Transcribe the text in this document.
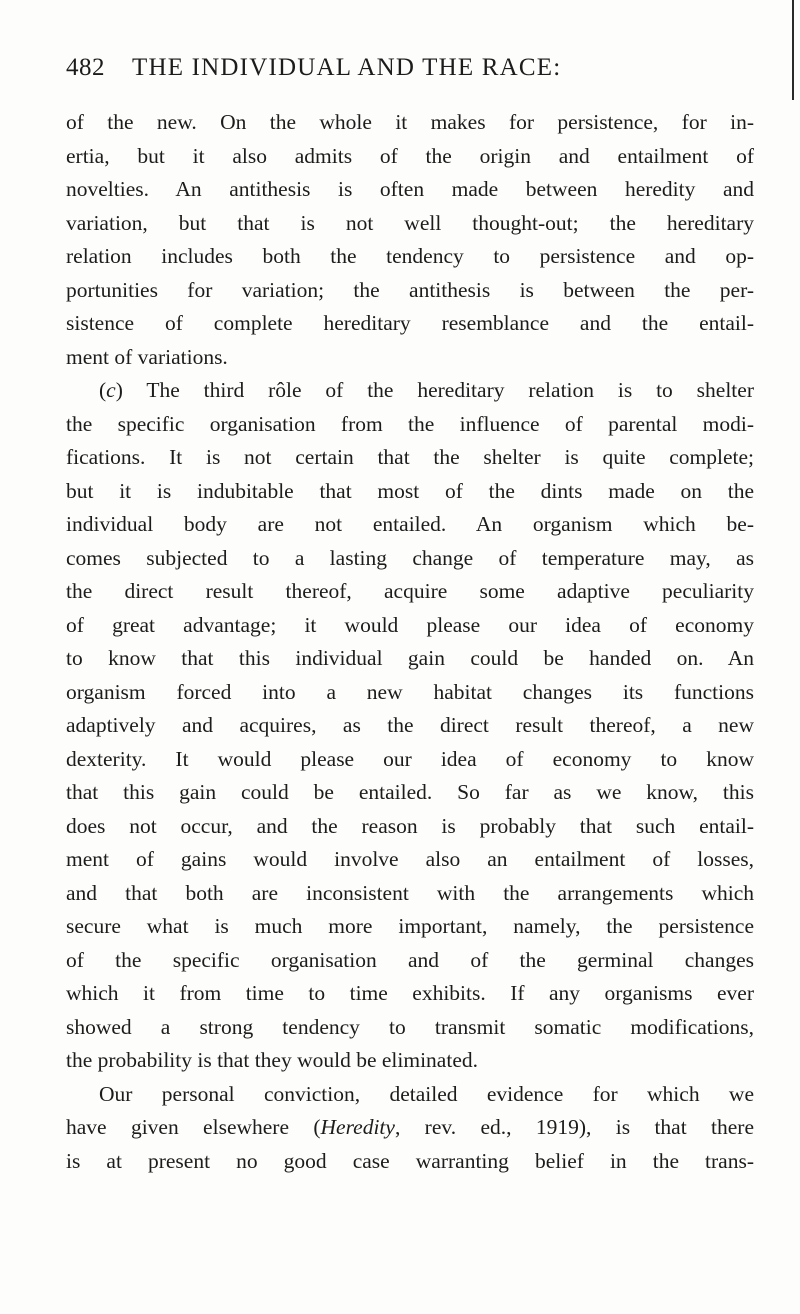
482 THE INDIVIDUAL AND THE RACE:
of the new. On the whole it makes for persistence, for in-
ertia, but it also admits of the origin and entailment of
novelties. An antithesis is often made between heredity and
variation, but that is not well thought-out; the hereditary
relation includes both the tendency to persistence and op-
portunities for variation; the antithesis is between the per-
sistence of complete hereditary resemblance and the entail-
ment of variations.
(c) The third rôle of the hereditary relation is to shelter
the specific organisation from the influence of parental modi-
fications. It is not certain that the shelter is quite complete;
but it is indubitable that most of the dints made on the
individual body are not entailed. An organism which be-
comes subjected to a lasting change of temperature may, as
the direct result thereof, acquire some adaptive peculiarity
of great advantage; it would please our idea of economy
to know that this individual gain could be handed on. An
organism forced into a new habitat changes its functions
adaptively and acquires, as the direct result thereof, a new
dexterity. It would please our idea of economy to know
that this gain could be entailed. So far as we know, this
does not occur, and the reason is probably that such entail-
ment of gains would involve also an entailment of losses,
and that both are inconsistent with the arrangements which
secure what is much more important, namely, the persistence
of the specific organisation and of the germinal changes
which it from time to time exhibits. If any organisms ever
showed a strong tendency to transmit somatic modifications,
the probability is that they would be eliminated.
Our personal conviction, detailed evidence for which we
have given elsewhere (Heredity, rev. ed., 1919), is that there
is at present no good case warranting belief in the trans-
